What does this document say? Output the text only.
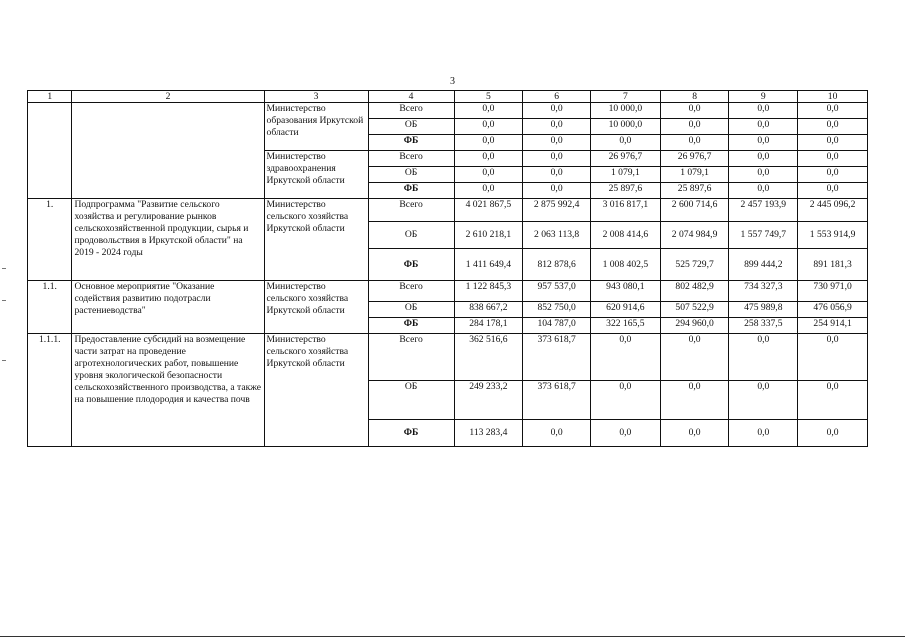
3
1	2	3	4	5	6	7	8	9	10
		Министерство образования Иркутской области	Всего	0,0	0,0	10 000,0	0,0	0,0	0,0
			ОБ	0,0	0,0	10 000,0	0,0	0,0	0,0
			ФБ	0,0	0,0	0,0	0,0	0,0	0,0
		Министерство здравоохранения Иркутской области	Всего	0,0	0,0	26 976,7	26 976,7	0,0	0,0
			ОБ	0,0	0,0	1 079,1	1 079,1	0,0	0,0
			ФБ	0,0	0,0	25 897,6	25 897,6	0,0	0,0
1.	Подпрограмма "Развитие сельского хозяйства и регулирование рынков сельскохозяйственной продукции, сырья и продовольствия в Иркутской области" на 2019 - 2024 годы	Министерство сельского хозяйства Иркутской области	Всего	4 021 867,5	2 875 992,4	3 016 817,1	2 600 714,6	2 457 193,9	2 445 096,2
			ОБ	2 610 218,1	2 063 113,8	2 008 414,6	2 074 984,9	1 557 749,7	1 553 914,9
			ФБ	1 411 649,4	812 878,6	1 008 402,5	525 729,7	899 444,2	891 181,3
1.1.	Основное мероприятие "Оказание содействия развитию подотрасли растениеводства"	Министерство сельского хозяйства Иркутской области	Всего	1 122 845,3	957 537,0	943 080,1	802 482,9	734 327,3	730 971,0
			ОБ	838 667,2	852 750,0	620 914,6	507 522,9	475 989,8	476 056,9
			ФБ	284 178,1	104 787,0	322 165,5	294 960,0	258 337,5	254 914,1
1.1.1.	Предоставление субсидий на возмещение части затрат на проведение агротехнологических работ, повышение уровня экологической безопасности сельскохозяйственного производства, а также на повышение плодородия и качества почв	Министерство сельского хозяйства Иркутской области	Всего	362 516,6	373 618,7	0,0	0,0	0,0	0,0
			ОБ	249 233,2	373 618,7	0,0	0,0	0,0	0,0
			ФБ	113 283,4	0,0	0,0	0,0	0,0	0,0
